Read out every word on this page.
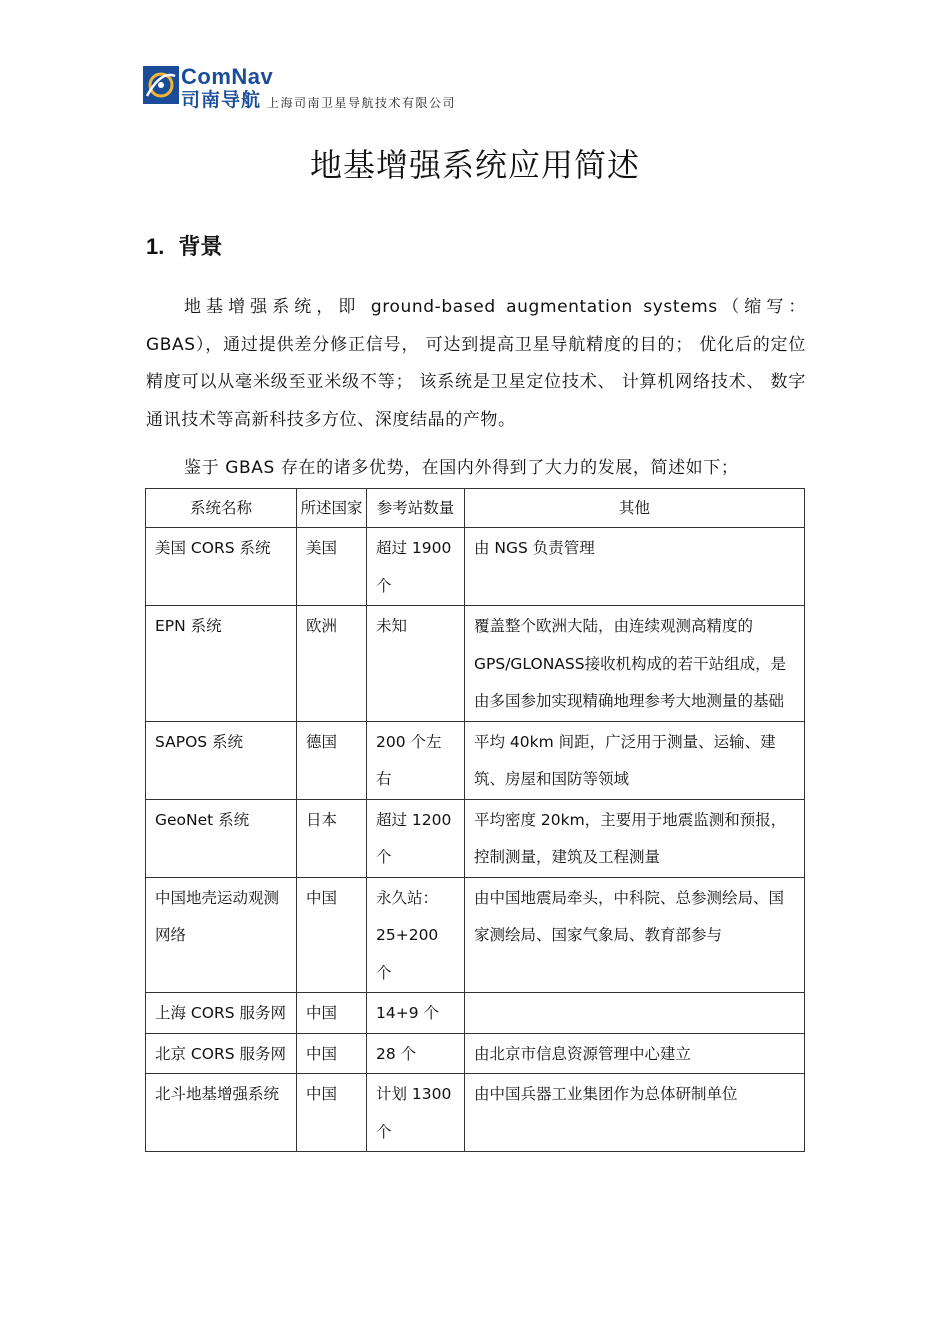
ComNav
司南导航 上海司南卫星导航技术有限公司
地基增强系统应用简述
1. 背景
地基增强系统，即 ground-based augmentation systems（缩写：GBAS），通过提供差分修正信号， 可达到提高卫星导航精度的目的； 优化后的定位精度可以从毫米级至亚米级不等； 该系统是卫星定位技术、 计算机网络技术、 数字通讯技术等高新科技多方位、深度结晶的产物。
鉴于 GBAS 存在的诸多优势，在国内外得到了大力的发展，简述如下；
系统名称	所述国家	参考站数量	其他
美国 CORS 系统	美国	超过 1900 个	由 NGS 负责管理
EPN 系统	欧洲	未知	覆盖整个欧洲大陆，由连续观测高精度的GPS/GLONASS接收机构成的若干站组成，是由多国参加实现精确地理参考大地测量的基础
SAPOS 系统	德国	200 个左右	平均 40km 间距，广泛用于测量、运输、建筑、房屋和国防等领域
GeoNet 系统	日本	超过 1200 个	平均密度 20km，主要用于地震监测和预报，控制测量，建筑及工程测量
中国地壳运动观测网络	中国	永久站：25+200 个	由中国地震局牵头，中科院、总参测绘局、国家测绘局、国家气象局、教育部参与
上海 CORS 服务网	中国	14+9 个	
北京 CORS 服务网	中国	28 个	由北京市信息资源管理中心建立
北斗地基增强系统	中国	计划 1300 个	由中国兵器工业集团作为总体研制单位
